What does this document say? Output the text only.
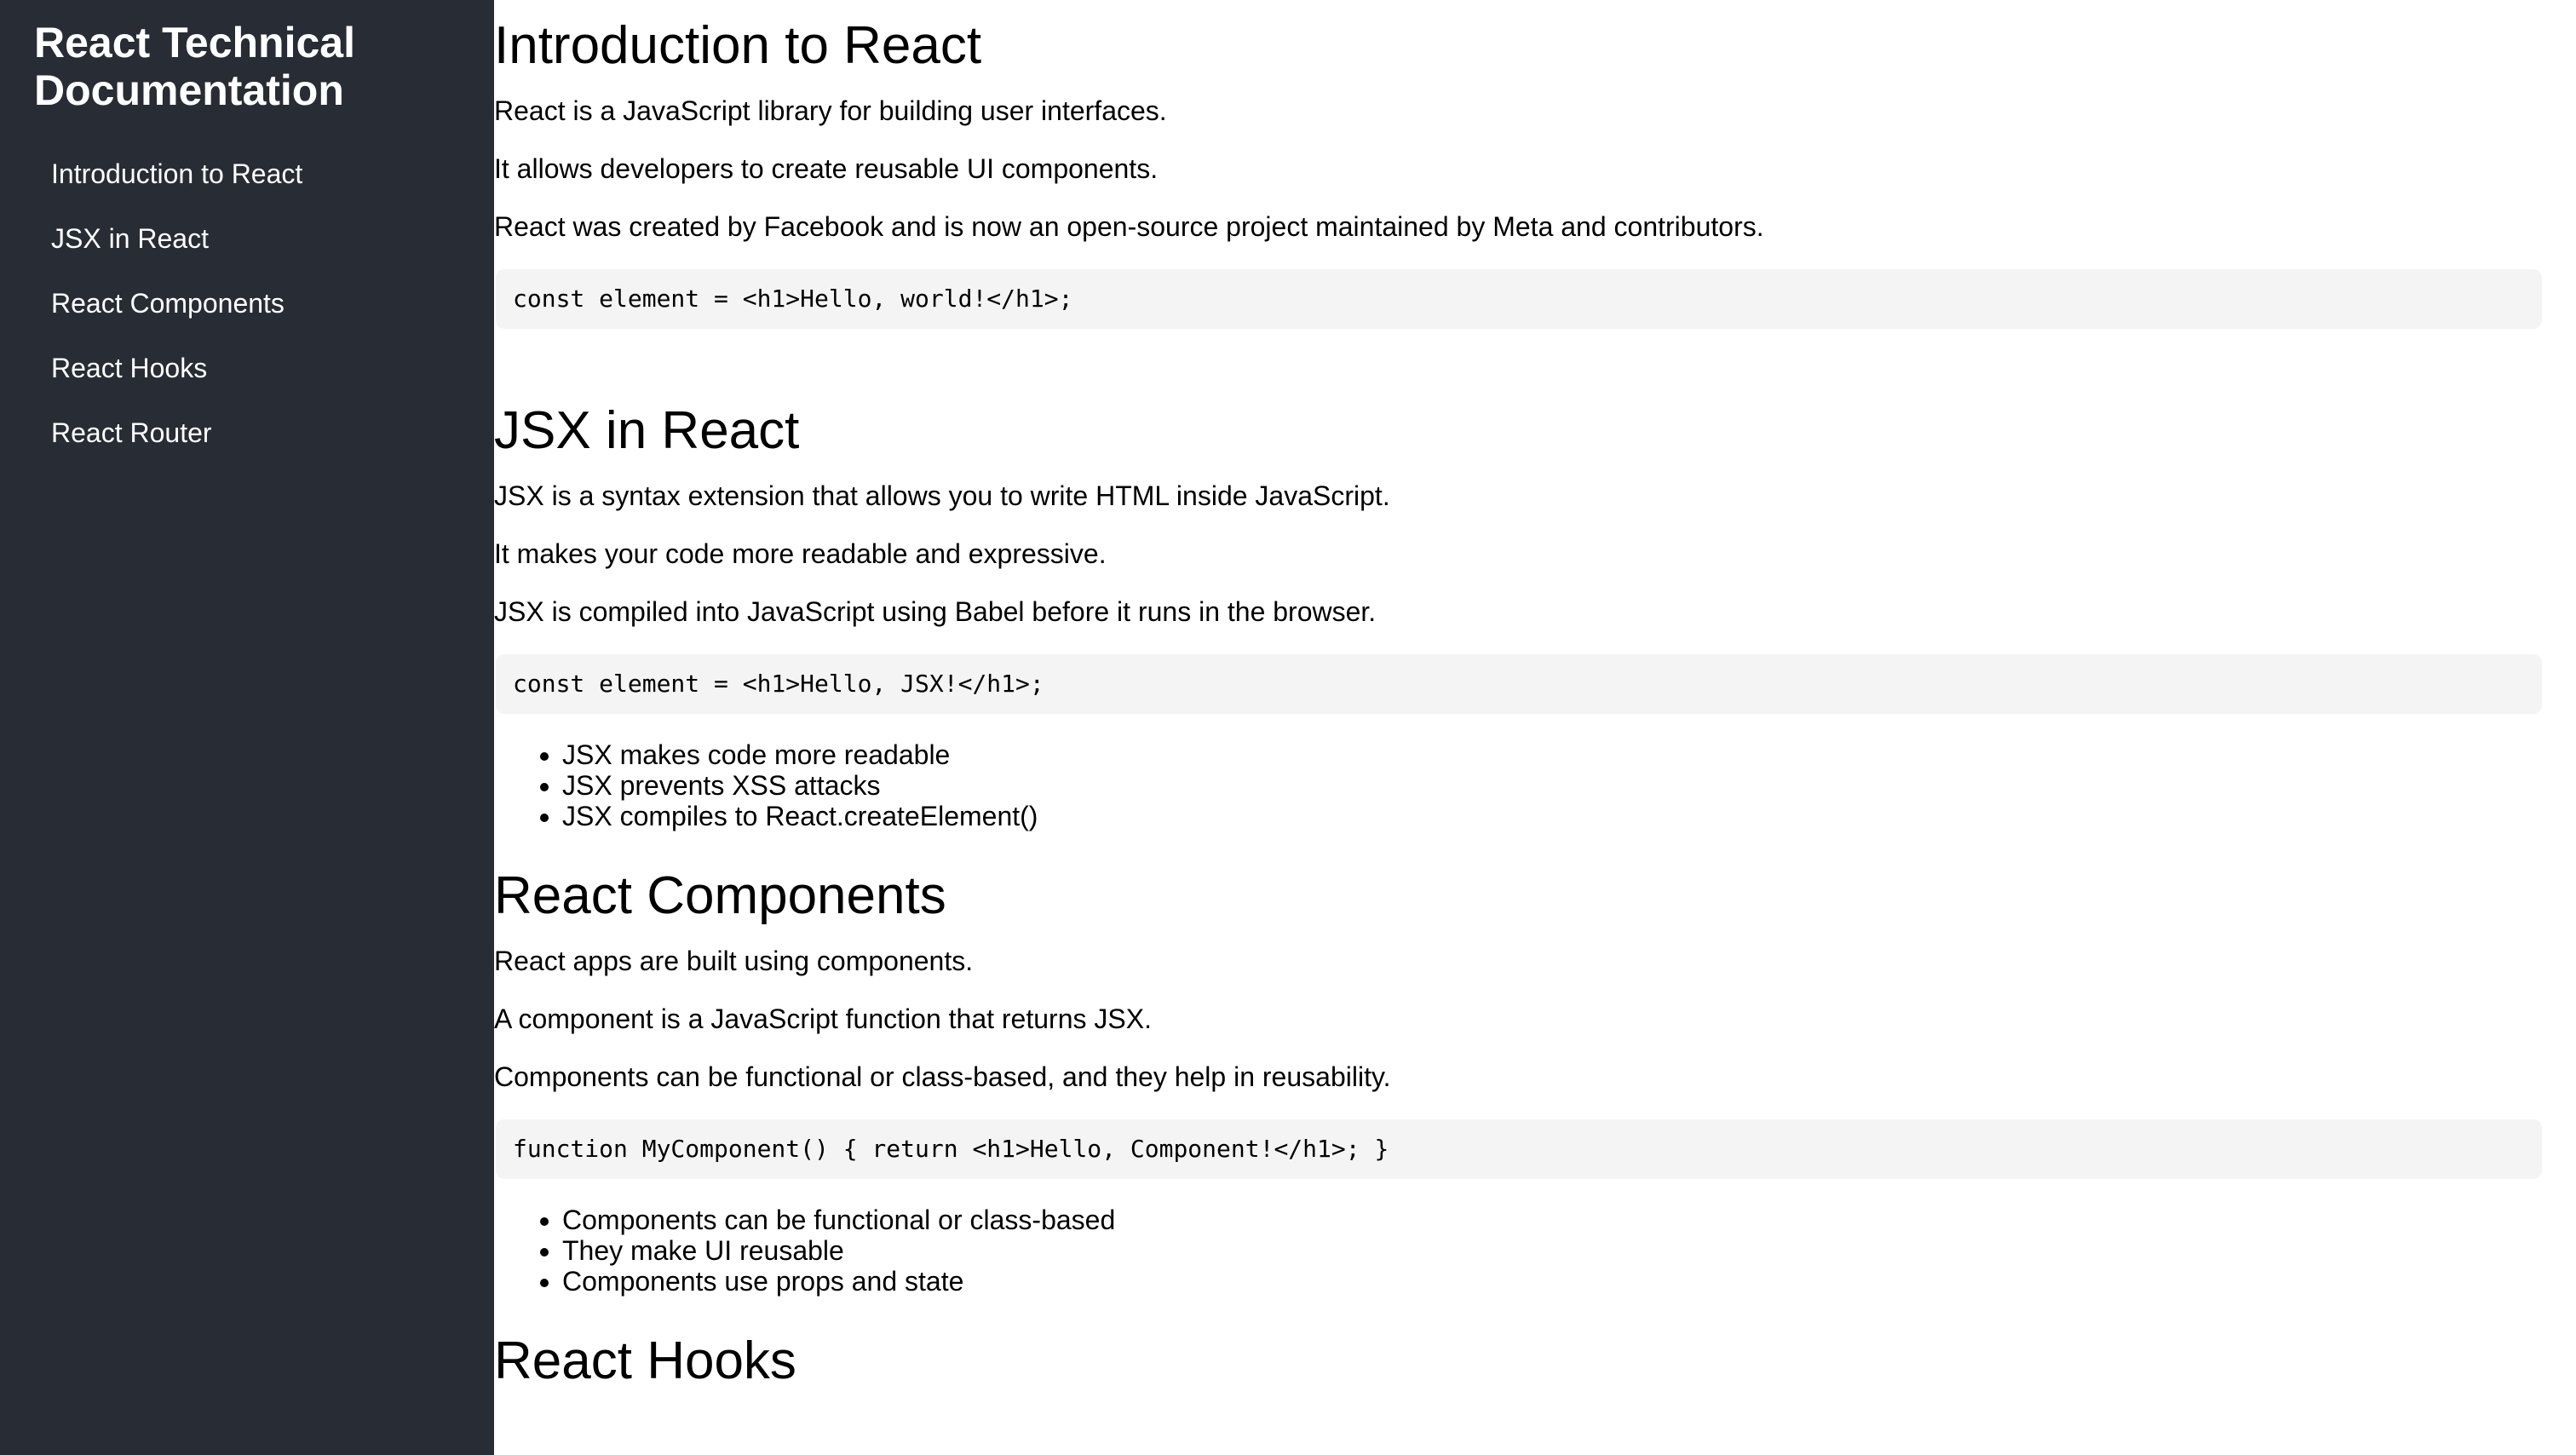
React Technical Documentation
Introduction to React
JSX in React
React Components
React Hooks
React Router
Introduction to React

React is a JavaScript library for building user interfaces.

It allows developers to create reusable UI components.

React was created by Facebook and is now an open-source project maintained by Meta and contributors.

const element = <h1>Hello, world!</h1>;
JSX in React

JSX is a syntax extension that allows you to write HTML inside JavaScript.

It makes your code more readable and expressive.

JSX is compiled into JavaScript using Babel before it runs in the browser.

const element = <h1>Hello, JSX!</h1>;
• JSX makes code more readable
• JSX prevents XSS attacks
• JSX compiles to React.createElement()
React Components

React apps are built using components.

A component is a JavaScript function that returns JSX.

Components can be functional or class-based, and they help in reusability.

function MyComponent() { return <h1>Hello, Component!</h1>; }
• Components can be functional or class-based
• They make UI reusable
• Components use props and state
React Hooks
